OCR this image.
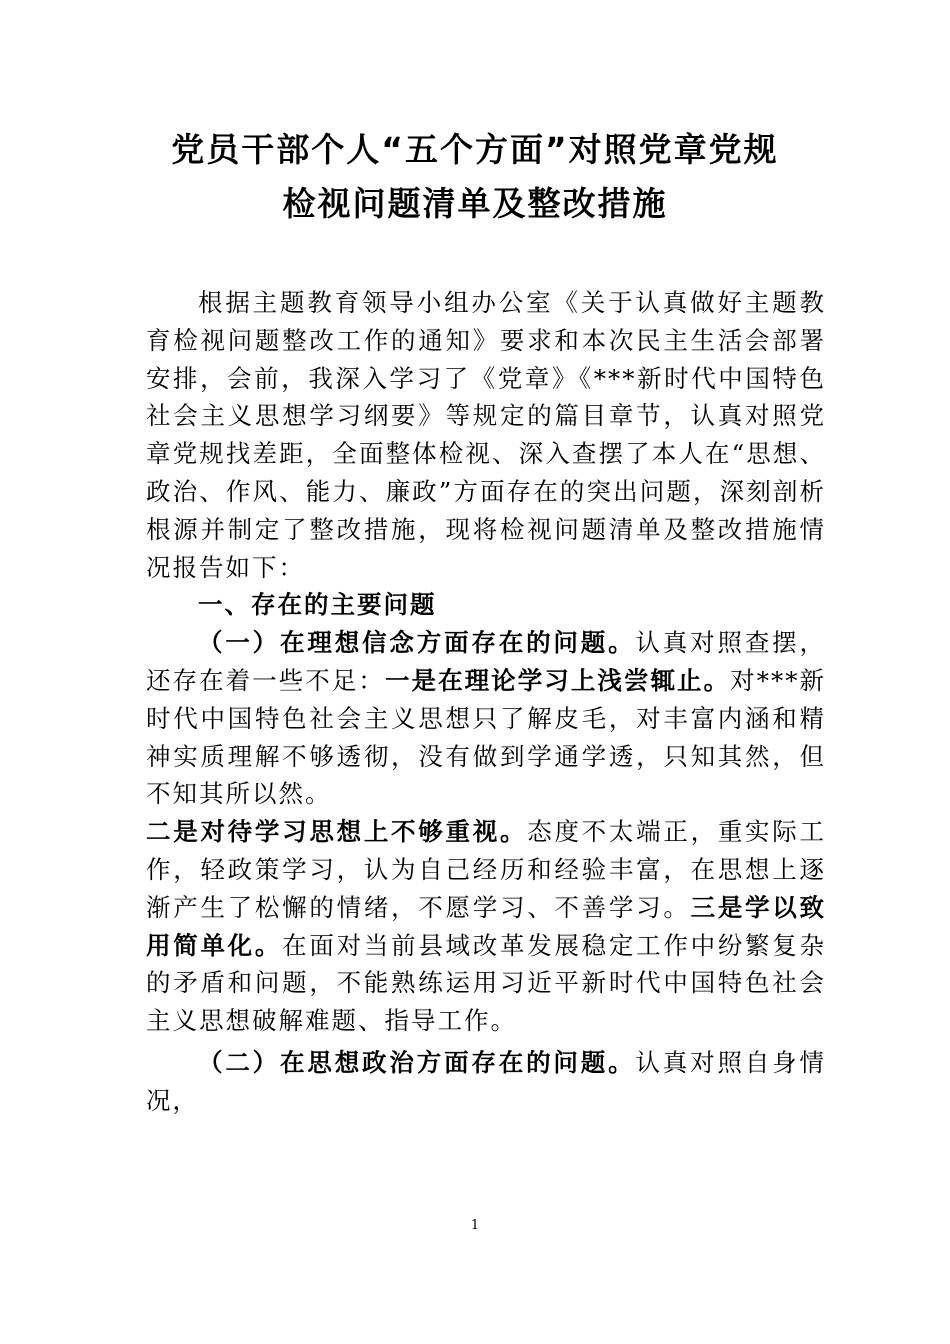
党员干部个人“五个方面”对照党章党规
检视问题清单及整改措施

根据主题教育领导小组办公室《关于认真做好主题教育检视问题整改工作的通知》要求和本次民主生活会部署安排，会前，我深入学习了《党章》《***新时代中国特色社会主义思想学习纲要》等规定的篇目章节，认真对照党章党规找差距，全面整体检视、深入查摆了本人在“思想、政治、作风、能力、廉政”方面存在的突出问题，深刻剖析根源并制定了整改措施，现将检视问题清单及整改措施情况报告如下：

一、存在的主要问题

（一）在理想信念方面存在的问题。认真对照查摆，还存在着一些不足：一是在理论学习上浅尝辄止。对***新时代中国特色社会主义思想只了解皮毛，对丰富内涵和精神实质理解不够透彻，没有做到学通学透，只知其然，但不知其所以然。

二是对待学习思想上不够重视。态度不太端正，重实际工作，轻政策学习，认为自己经历和经验丰富，在思想上逐渐产生了松懈的情绪，不愿学习、不善学习。三是学以致用简单化。在面对当前县域改革发展稳定工作中纷繁复杂的矛盾和问题，不能熟练运用习近平新时代中国特色社会主义思想破解难题、指导工作。

（二）在思想政治方面存在的问题。认真对照自身情况，

1
